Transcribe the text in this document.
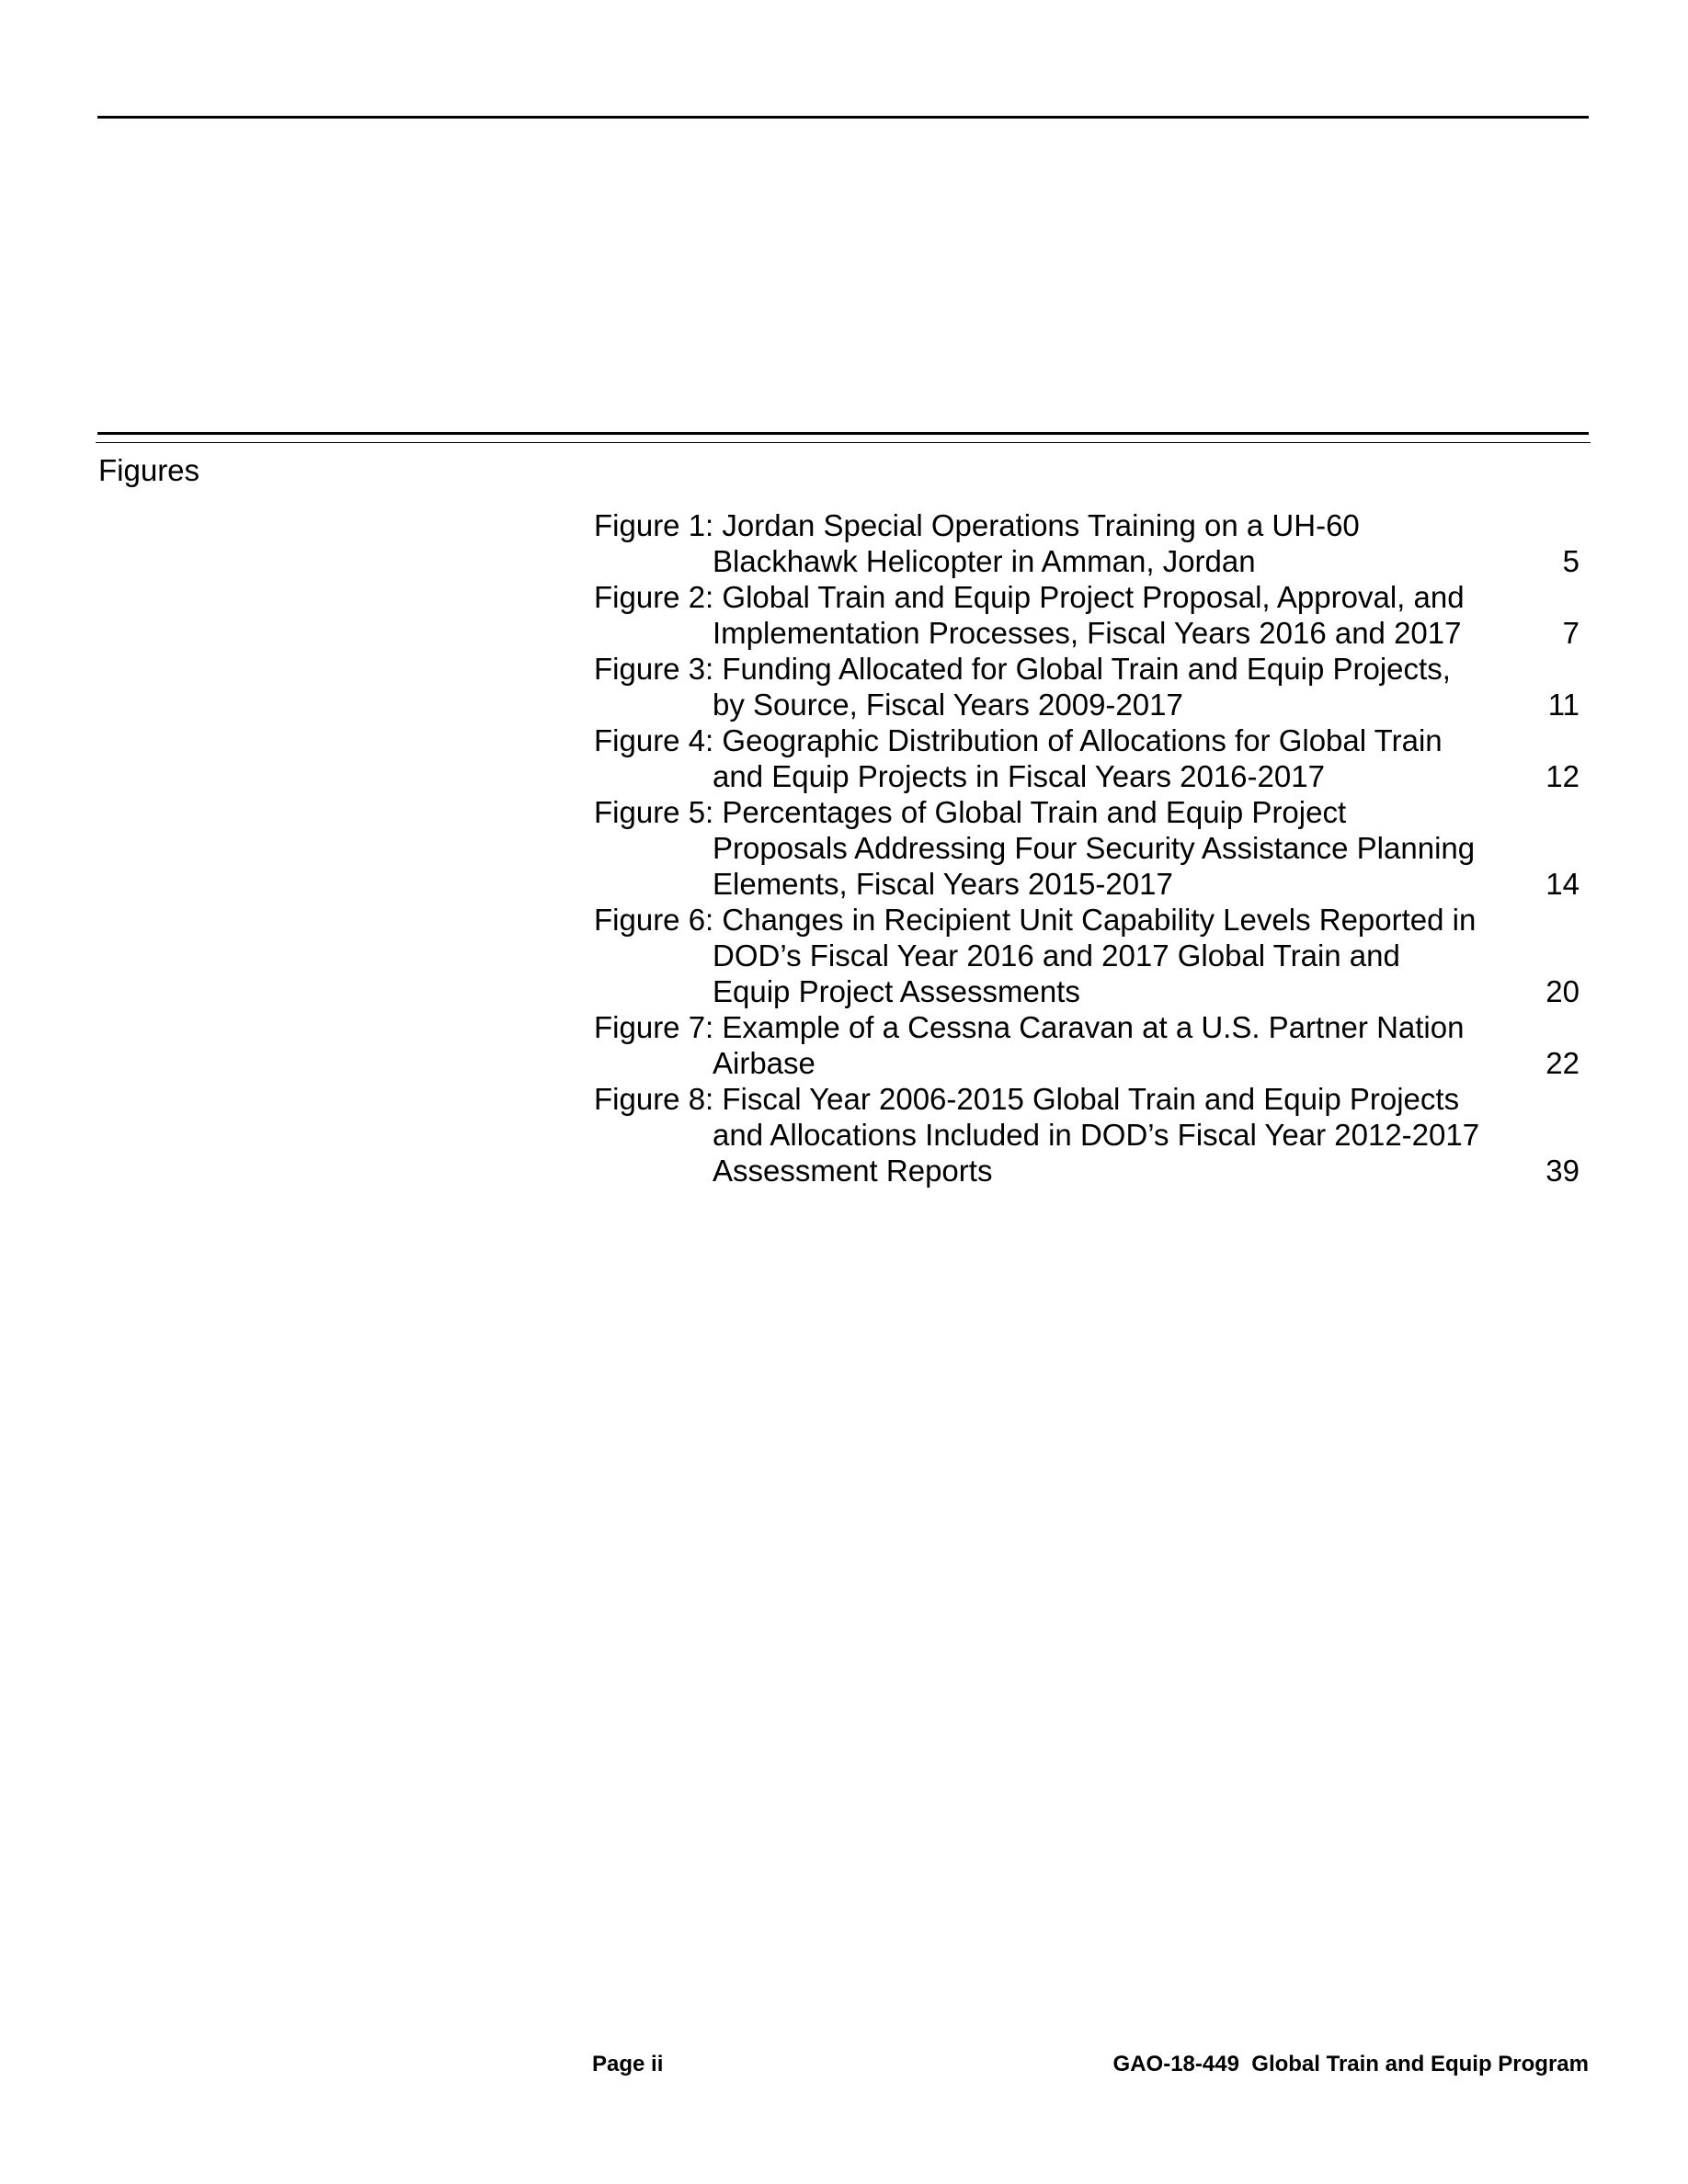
Figures
Figure 1: Jordan Special Operations Training on a UH-60
Blackhawk Helicopter in Amman, Jordan	5
Figure 2: Global Train and Equip Project Proposal, Approval, and
Implementation Processes, Fiscal Years 2016 and 2017	7
Figure 3: Funding Allocated for Global Train and Equip Projects,
by Source, Fiscal Years 2009-2017	11
Figure 4: Geographic Distribution of Allocations for Global Train
and Equip Projects in Fiscal Years 2016-2017	12
Figure 5: Percentages of Global Train and Equip Project
Proposals Addressing Four Security Assistance Planning
Elements, Fiscal Years 2015-2017	14
Figure 6: Changes in Recipient Unit Capability Levels Reported in
DOD’s Fiscal Year 2016 and 2017 Global Train and
Equip Project Assessments	20
Figure 7: Example of a Cessna Caravan at a U.S. Partner Nation
Airbase	22
Figure 8: Fiscal Year 2006-2015 Global Train and Equip Projects
and Allocations Included in DOD’s Fiscal Year 2012-2017
Assessment Reports	39
Page ii	GAO-18-449  Global Train and Equip Program
